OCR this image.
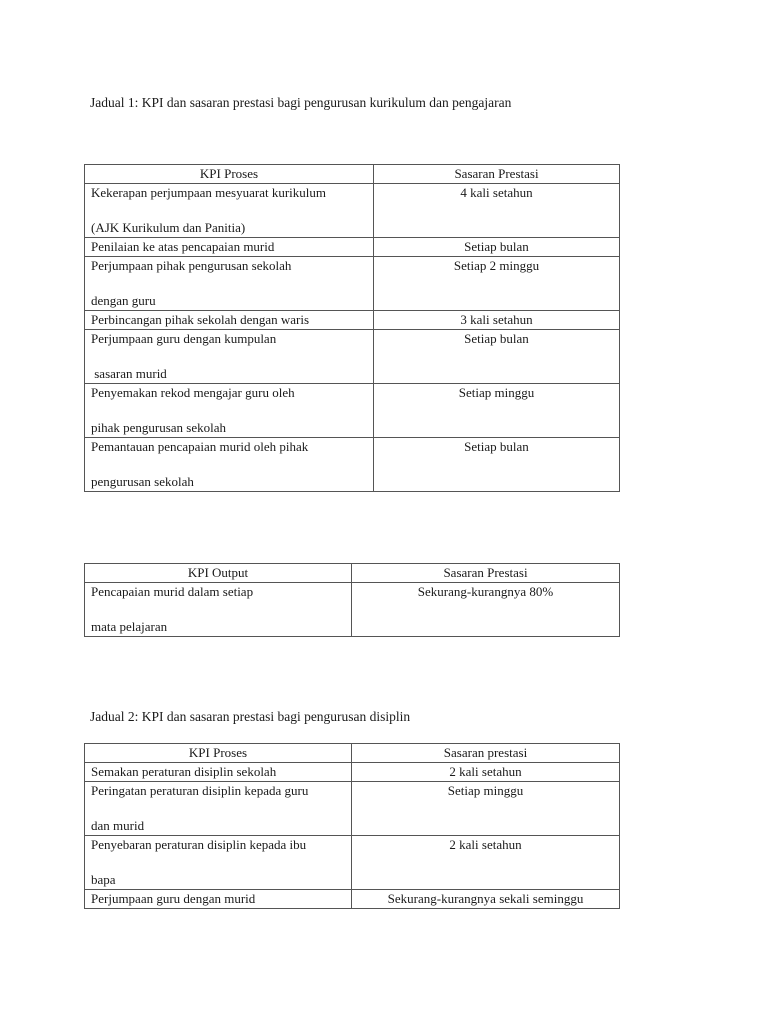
Jadual 1: KPI dan sasaran prestasi bagi pengurusan kurikulum dan pengajaran
KPI Proses	Sasaran Prestasi

Kekerapan perjumpaan mesyuarat kurikulum
(AJK Kurikulum dan Panitia)	4 kali setahun
Penilaian ke atas pencapaian murid	Setiap bulan

Perjumpaan pihak pengurusan sekolah
dengan guru	Setiap 2 minggu
Perbincangan pihak sekolah dengan waris	3 kali setahun

Perjumpaan guru dengan kumpulan
sasaran murid	Setiap bulan

Penyemakan rekod mengajar guru oleh
pihak pengurusan sekolah	Setiap minggu

Pemantauan pencapaian murid oleh pihak
pengurusan sekolah	Setiap bulan
KPI Output	Sasaran Prestasi

Pencapaian murid dalam setiap
mata pelajaran	Sekurang-kurangnya 80%
Jadual 2: KPI dan sasaran prestasi bagi pengurusan disiplin
KPI Proses	Sasaran prestasi
Semakan peraturan disiplin sekolah	2 kali setahun

Peringatan peraturan disiplin kepada guru
dan murid	Setiap minggu

Penyebaran peraturan disiplin kepada ibu
bapa	2 kali setahun
Perjumpaan guru dengan murid	Sekurang-kurangnya sekali seminggu
